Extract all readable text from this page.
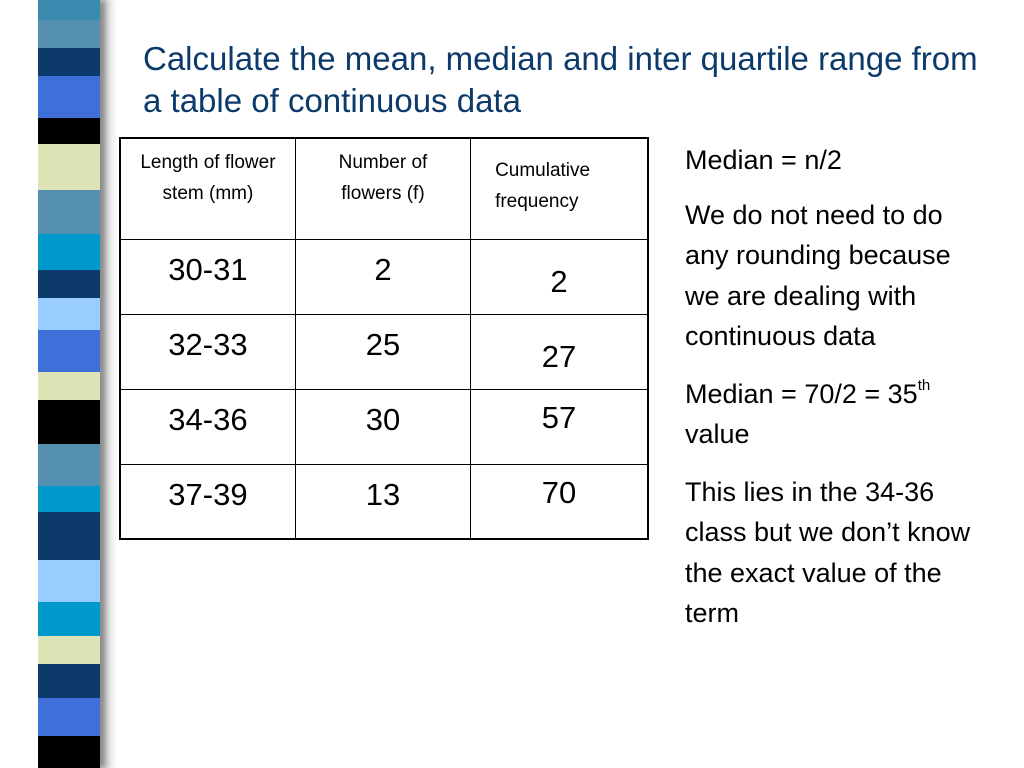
Calculate the mean, median and inter quartile range from a table of continuous data
Length of flower stem (mm)	Number of flowers (f)	Cumulative frequency
30-31	2	2
32-33	25	27
34-36	30	57
37-39	13	70

Median = n/2

We do not need to do any rounding because we are dealing with continuous data

Median = 70/2 = 35th value

This lies in the 34-36 class but we don’t know the exact value of the term
